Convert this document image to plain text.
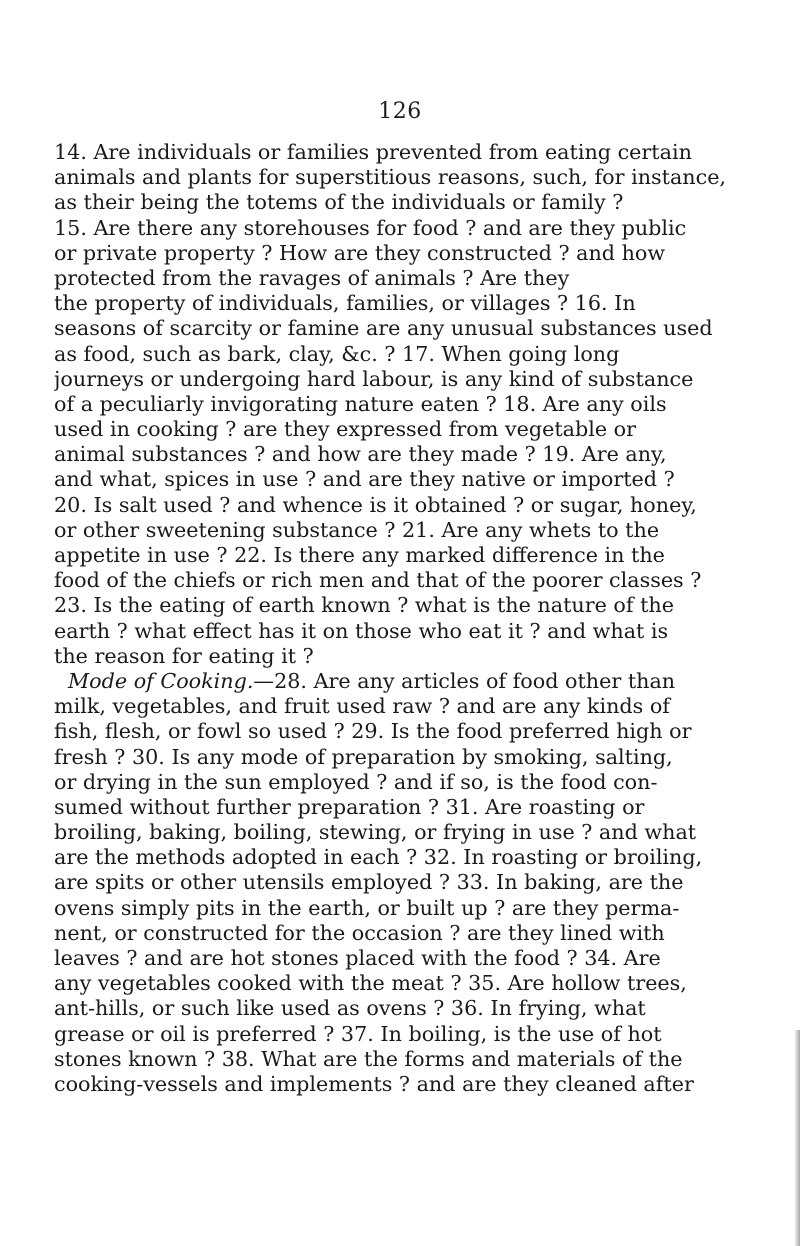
126
14. Are individuals or families prevented from eating certain
animals and plants for superstitious reasons, such, for instance,
as their being the totems of the individuals or family ?
15. Are there any storehouses for food ? and are they public
or private property ? How are they constructed ? and how
protected from the ravages of animals ? Are they
the property of individuals, families, or villages ? 16. In
seasons of scarcity or famine are any unusual substances used
as food, such as bark, clay, &c. ? 17. When going long
journeys or undergoing hard labour, is any kind of substance
of a peculiarly invigorating nature eaten ? 18. Are any oils
used in cooking ? are they expressed from vegetable or
animal substances ? and how are they made ? 19. Are any,
and what, spices in use ? and are they native or imported ?
20. Is salt used ? and whence is it obtained ? or sugar, honey,
or other sweetening substance ? 21. Are any whets to the
appetite in use ? 22. Is there any marked difference in the
food of the chiefs or rich men and that of the poorer classes ?
23. Is the eating of earth known ? what is the nature of the
earth ? what effect has it on those who eat it ? and what is
the reason for eating it ?
Mode of Cooking.—28. Are any articles of food other than
milk, vegetables, and fruit used raw ? and are any kinds of
fish, flesh, or fowl so used ? 29. Is the food preferred high or
fresh ? 30. Is any mode of preparation by smoking, salting,
or drying in the sun employed ? and if so, is the food con-
sumed without further preparation ? 31. Are roasting or
broiling, baking, boiling, stewing, or frying in use ? and what
are the methods adopted in each ? 32. In roasting or broiling,
are spits or other utensils employed ? 33. In baking, are the
ovens simply pits in the earth, or built up ? are they perma-
nent, or constructed for the occasion ? are they lined with
leaves ? and are hot stones placed with the food ? 34. Are
any vegetables cooked with the meat ? 35. Are hollow trees,
ant-hills, or such like used as ovens ? 36. In frying, what
grease or oil is preferred ? 37. In boiling, is the use of hot
stones known ? 38. What are the forms and materials of the
cooking-vessels and implements ? and are they cleaned after
